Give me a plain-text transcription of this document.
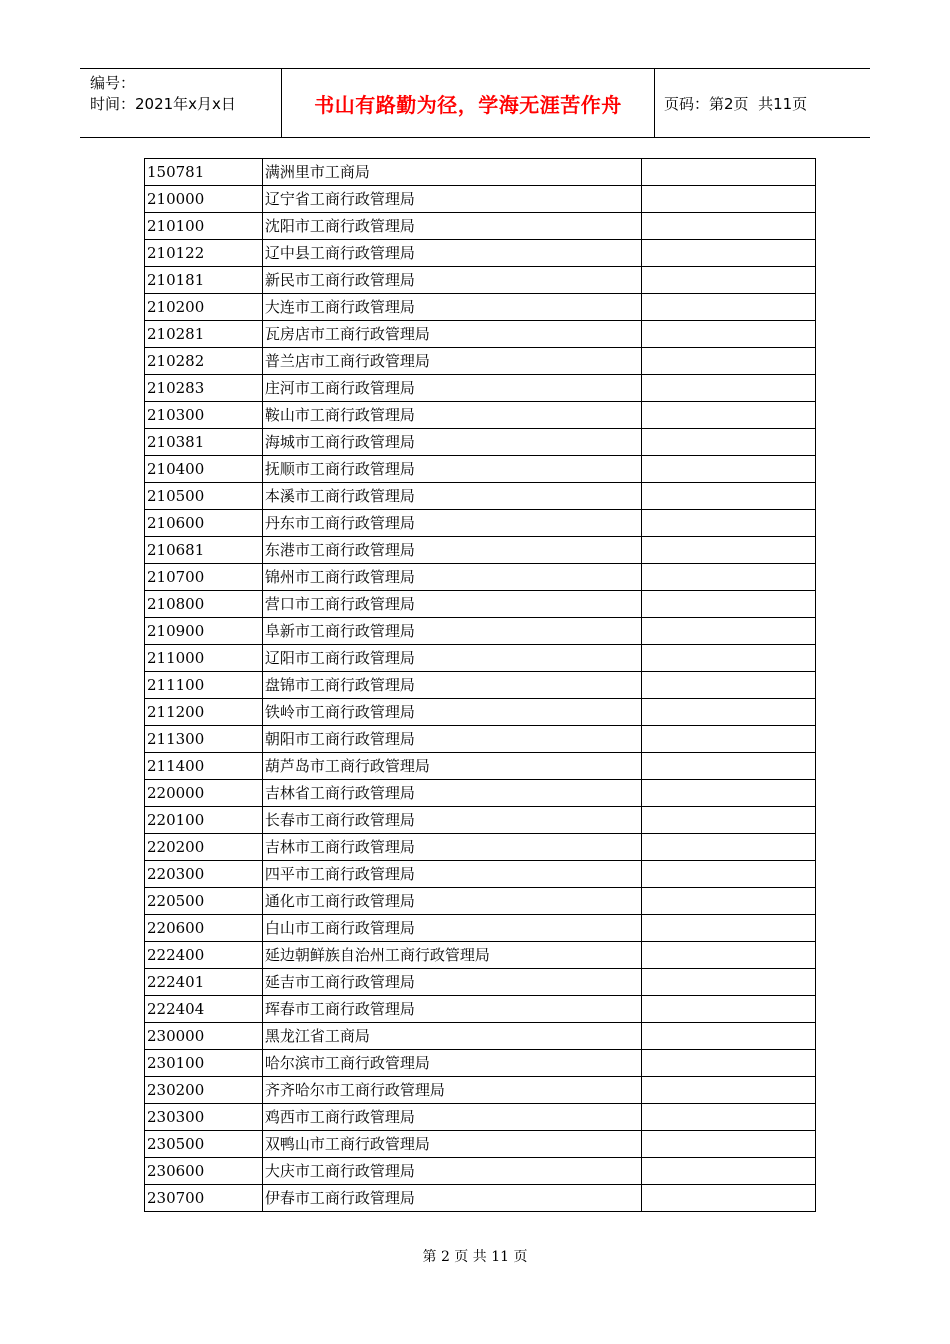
编号：
时间：2021年x月x日	书山有路勤为径，学海无涯苦作舟	页码：第2页  共11页
150781	满洲里市工商局	
210000	辽宁省工商行政管理局	
210100	沈阳市工商行政管理局	
210122	辽中县工商行政管理局	
210181	新民市工商行政管理局	
210200	大连市工商行政管理局	
210281	瓦房店市工商行政管理局	
210282	普兰店市工商行政管理局	
210283	庄河市工商行政管理局	
210300	鞍山市工商行政管理局	
210381	海城市工商行政管理局	
210400	抚顺市工商行政管理局	
210500	本溪市工商行政管理局	
210600	丹东市工商行政管理局	
210681	东港市工商行政管理局	
210700	锦州市工商行政管理局	
210800	营口市工商行政管理局	
210900	阜新市工商行政管理局	
211000	辽阳市工商行政管理局	
211100	盘锦市工商行政管理局	
211200	铁岭市工商行政管理局	
211300	朝阳市工商行政管理局	
211400	葫芦岛市工商行政管理局	
220000	吉林省工商行政管理局	
220100	长春市工商行政管理局	
220200	吉林市工商行政管理局	
220300	四平市工商行政管理局	
220500	通化市工商行政管理局	
220600	白山市工商行政管理局	
222400	延边朝鲜族自治州工商行政管理局	
222401	延吉市工商行政管理局	
222404	珲春市工商行政管理局	
230000	黑龙江省工商局	
230100	哈尔滨市工商行政管理局	
230200	齐齐哈尔市工商行政管理局	
230300	鸡西市工商行政管理局	
230500	双鸭山市工商行政管理局	
230600	大庆市工商行政管理局	
230700	伊春市工商行政管理局	
第 2 页 共 11 页
